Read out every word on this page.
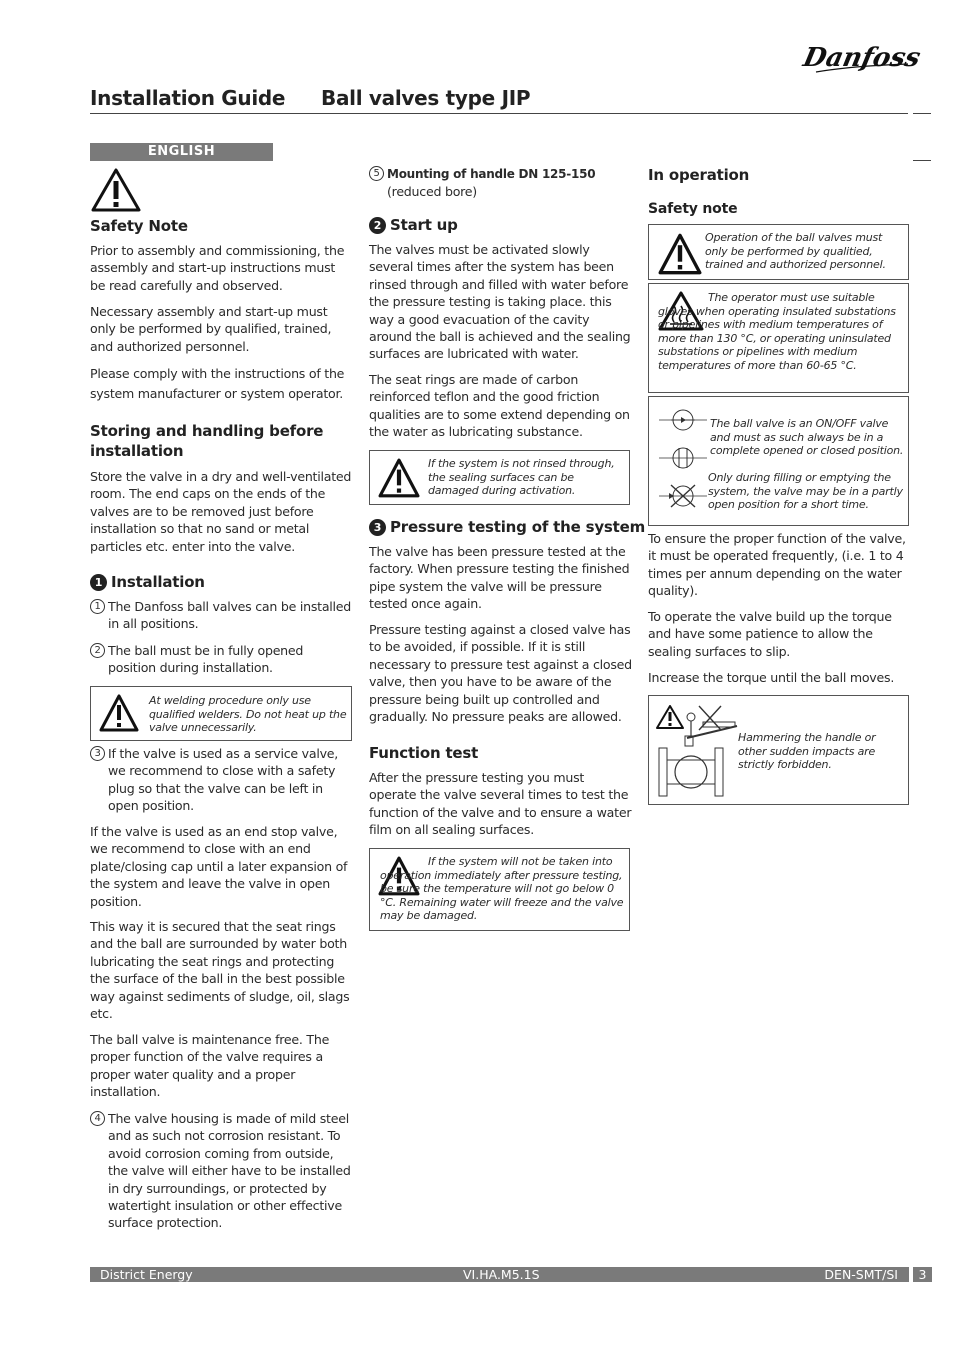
Danfoss
Installation Guide Ball valves type JIP
ENGLISH
Safety Note
Prior to assembly and commissioning, the assembly and start-up instructions must be read carefully and observed.
Necessary assembly and start-up must only be performed by qualified, trained, and authorized personnel.
Please comply with the instructions of the system manufacturer or system operator.
Storing and handling before installation
Store the valve in a dry and well-ventilated room. The end caps on the ends of the valves are to be removed just before installation so that no sand or metal particles etc. enter into the valve.
1 Installation
1 The Danfoss ball valves can be installed in all positions.
2 The ball must be in fully opened position during installation.
At welding procedure only use qualified welders. Do not heat up the valve unnecessarily.
3 If the valve is used as a service valve, we recommend to close with a safety plug so that the valve can be left in open position.
If the valve is used as an end stop valve, we recommend to close with an end plate/closing cap until a later expansion of the system and leave the valve in open position.
This way it is secured that the seat rings and the ball are surrounded by water both lubricating the seat rings and protecting the surface of the ball in the best possible way against sediments of sludge, oil, slags etc.
The ball valve is maintenance free. The proper function of the valve requires a proper water quality and a proper installation.
4 The valve housing is made of mild steel and as such not corrosion resistant. To avoid corrosion coming from outside, the valve will either have to be installed in dry surroundings, or protected by watertight insulation or other effective surface protection.
5 Mounting of handle DN 125-150
(reduced bore)
2 Start up
The valves must be activated slowly several times after the system has been rinsed through and filled with water before the pressure testing is taking place. this way a good evacuation of the cavity around the ball is achieved and the sealing surfaces are lubricated with water.
The seat rings are made of carbon reinforced teflon and the good friction qualities are to some extend depending on the water as lubricating substance.
If the system is not rinsed through, the sealing surfaces can be damaged during activation.
3 Pressure testing of the system
The valve has been pressure tested at the factory. When pressure testing the finished pipe system the valve will be pressure tested once again.
Pressure testing against a closed valve has to be avoided, if possible. If it is still necessary to pressure test against a closed valve, then you have to be aware of the pressure being built up controlled and gradually. No pressure peaks are allowed.
Function test
After the pressure testing you must operate the valve several times to test the function of the valve and to ensure a water film on all sealing surfaces.
If the system will not be taken into operation immediately after pressure testing, be sure the temperature will not go below 0 °C. Remaining water will freeze and the valve may be damaged.
In operation
Safety note
Operation of the ball valves must only be performed by qualitied, trained and authorized personnel.
The operator must use suitable gloves when operating insulated substations or pipelines with medium temperatures of more than 130 °C, or operating uninsulated substations or pipelines with medium temperatures of more than 60-65 °C.
The ball valve is an ON/OFF valve and must as such always be in a complete opened or closed position.
Only during filling or emptying the system, the valve may be in a partly open position for a short time.
To ensure the proper function of the valve, it must be operated frequently, (i.e. 1 to 4 times per annum depending on the water quality).
To operate the valve build up the torque and have some patience to allow the sealing surfaces to slip.
Increase the torque until the ball moves.
Hammering the handle or other sudden impacts are strictly forbidden.
District Energy	VI.HA.M5.1S	DEN-SMT/SI	3
